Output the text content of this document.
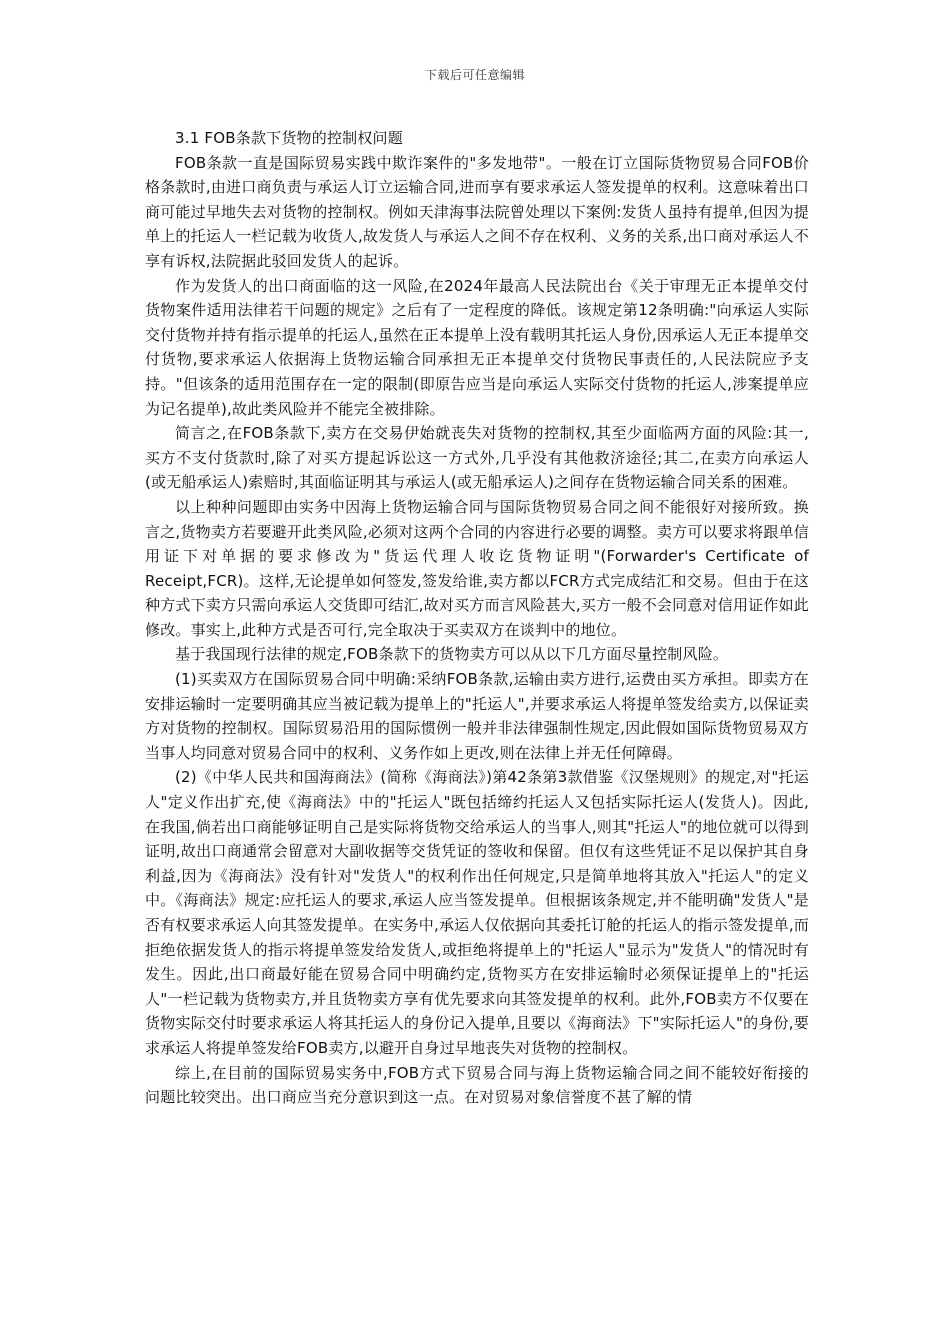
下载后可任意编辑

3.1 FOB条款下货物的控制权问题

FOB条款一直是国际贸易实践中欺诈案件的"多发地带"。一般在订立国际货物贸易合同FOB价格条款时,由进口商负责与承运人订立运输合同,进而享有要求承运人签发提单的权利。这意味着出口商可能过早地失去对货物的控制权。例如天津海事法院曾处理以下案例:发货人虽持有提单,但因为提单上的托运人一栏记载为收货人,故发货人与承运人之间不存在权利、义务的关系,出口商对承运人不享有诉权,法院据此驳回发货人的起诉。

作为发货人的出口商面临的这一风险,在2024年最高人民法院出台《关于审理无正本提单交付货物案件适用法律若干问题的规定》之后有了一定程度的降低。该规定第12条明确:"向承运人实际交付货物并持有指示提单的托运人,虽然在正本提单上没有载明其托运人身份,因承运人无正本提单交付货物,要求承运人依据海上货物运输合同承担无正本提单交付货物民事责任的,人民法院应予支持。"但该条的适用范围存在一定的限制(即原告应当是向承运人实际交付货物的托运人,涉案提单应为记名提单),故此类风险并不能完全被排除。

简言之,在FOB条款下,卖方在交易伊始就丧失对货物的控制权,其至少面临两方面的风险:其一,买方不支付货款时,除了对买方提起诉讼这一方式外,几乎没有其他救济途径;其二,在卖方向承运人(或无船承运人)索赔时,其面临证明其与承运人(或无船承运人)之间存在货物运输合同关系的困难。

以上种种问题即由实务中因海上货物运输合同与国际货物贸易合同之间不能很好对接所致。换言之,货物卖方若要避开此类风险,必须对这两个合同的内容进行必要的调整。卖方可以要求将跟单信用证下对单据的要求修改为"货运代理人收讫货物证明"(Forwarder's Certificate of Receipt,FCR)。这样,无论提单如何签发,签发给谁,卖方都以FCR方式完成结汇和交易。但由于在这种方式下卖方只需向承运人交货即可结汇,故对买方而言风险甚大,买方一般不会同意对信用证作如此修改。事实上,此种方式是否可行,完全取决于买卖双方在谈判中的地位。

基于我国现行法律的规定,FOB条款下的货物卖方可以从以下几方面尽量控制风险。

(1)买卖双方在国际贸易合同中明确:采纳FOB条款,运输由卖方进行,运费由买方承担。即卖方在安排运输时一定要明确其应当被记载为提单上的"托运人",并要求承运人将提单签发给卖方,以保证卖方对货物的控制权。国际贸易沿用的国际惯例一般并非法律强制性规定,因此假如国际货物贸易双方当事人均同意对贸易合同中的权利、义务作如上更改,则在法律上并无任何障碍。

(2)《中华人民共和国海商法》(简称《海商法》)第42条第3款借鉴《汉堡规则》的规定,对"托运人"定义作出扩充,使《海商法》中的"托运人"既包括缔约托运人又包括实际托运人(发货人)。因此,在我国,倘若出口商能够证明自己是实际将货物交给承运人的当事人,则其"托运人"的地位就可以得到证明,故出口商通常会留意对大副收据等交货凭证的签收和保留。但仅有这些凭证不足以保护其自身利益,因为《海商法》没有针对"发货人"的权利作出任何规定,只是简单地将其放入"托运人"的定义中。《海商法》规定:应托运人的要求,承运人应当签发提单。但根据该条规定,并不能明确"发货人"是否有权要求承运人向其签发提单。在实务中,承运人仅依据向其委托订舱的托运人的指示签发提单,而拒绝依据发货人的指示将提单签发给发货人,或拒绝将提单上的"托运人"显示为"发货人"的情况时有发生。因此,出口商最好能在贸易合同中明确约定,货物买方在安排运输时必须保证提单上的"托运人"一栏记载为货物卖方,并且货物卖方享有优先要求向其签发提单的权利。此外,FOB卖方不仅要在货物实际交付时要求承运人将其托运人的身份记入提单,且要以《海商法》下"实际托运人"的身份,要求承运人将提单签发给FOB卖方,以避开自身过早地丧失对货物的控制权。

综上,在目前的国际贸易实务中,FOB方式下贸易合同与海上货物运输合同之间不能较好衔接的问题比较突出。出口商应当充分意识到这一点。在对贸易对象信誉度不甚了解的情
